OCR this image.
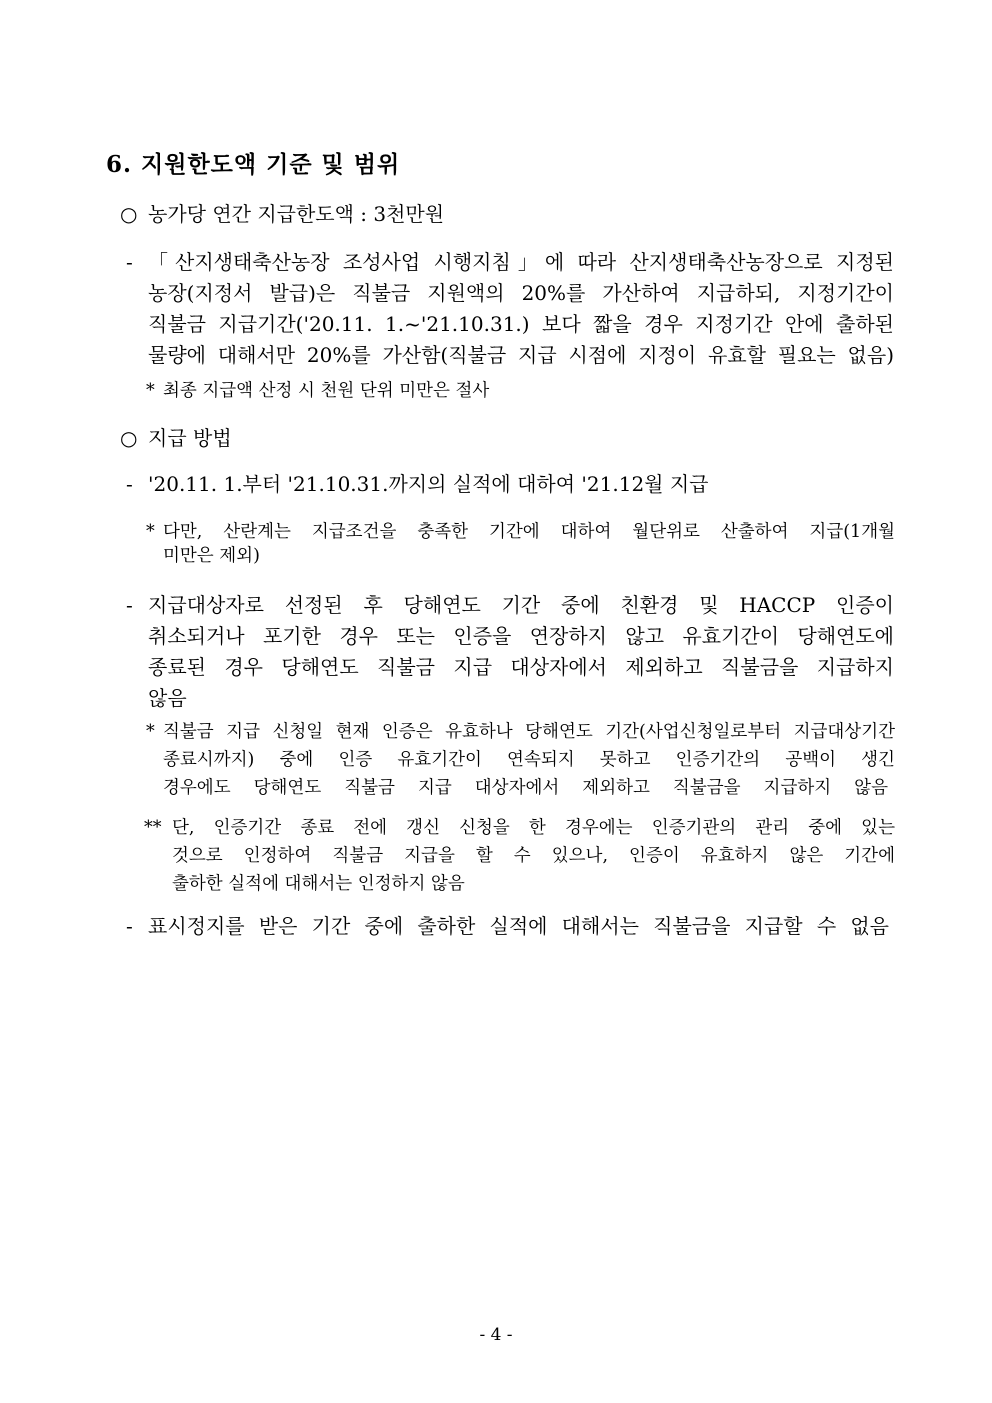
6. 지원한도액 기준 및 범위
○ 농가당 연간 지급한도액 : 3천만원
- 「산지생태축산농장 조성사업 시행지침」에 따라 산지생태축산농장으로 지정된
농장(지정서 발급)은 직불금 지원액의 20%를 가산하여 지급하되, 지정기간이
직불금 지급기간('20.11. 1.~'21.10.31.) 보다 짧을 경우 지정기간 안에 출하된
물량에 대해서만 20%를 가산함(직불금 지급 시점에 지정이 유효할 필요는 없음)
* 최종 지급액 산정 시 천원 단위 미만은 절사
○ 지급 방법
- '20.11. 1.부터 '21.10.31.까지의 실적에 대하여 '21.12월 지급
* 다만, 산란계는 지급조건을 충족한 기간에 대하여 월단위로 산출하여 지급(1개월
미만은 제외)
- 지급대상자로 선정된 후 당해연도 기간 중에 친환경 및 HACCP 인증이
취소되거나 포기한 경우 또는 인증을 연장하지 않고 유효기간이 당해연도에
종료된 경우 당해연도 직불금 지급 대상자에서 제외하고 직불금을 지급하지
않음
* 직불금 지급 신청일 현재 인증은 유효하나 당해연도 기간(사업신청일로부터 지급대상기간
종료시까지) 중에 인증 유효기간이 연속되지 못하고 인증기간의 공백이 생긴
경우에도 당해연도 직불금 지급 대상자에서 제외하고 직불금을 지급하지 않음
** 단, 인증기간 종료 전에 갱신 신청을 한 경우에는 인증기관의 관리 중에 있는
것으로 인정하여 직불금 지급을 할 수 있으나, 인증이 유효하지 않은 기간에
출하한 실적에 대해서는 인정하지 않음
- 표시정지를 받은 기간 중에 출하한 실적에 대해서는 직불금을 지급할 수 없음
- 4 -
